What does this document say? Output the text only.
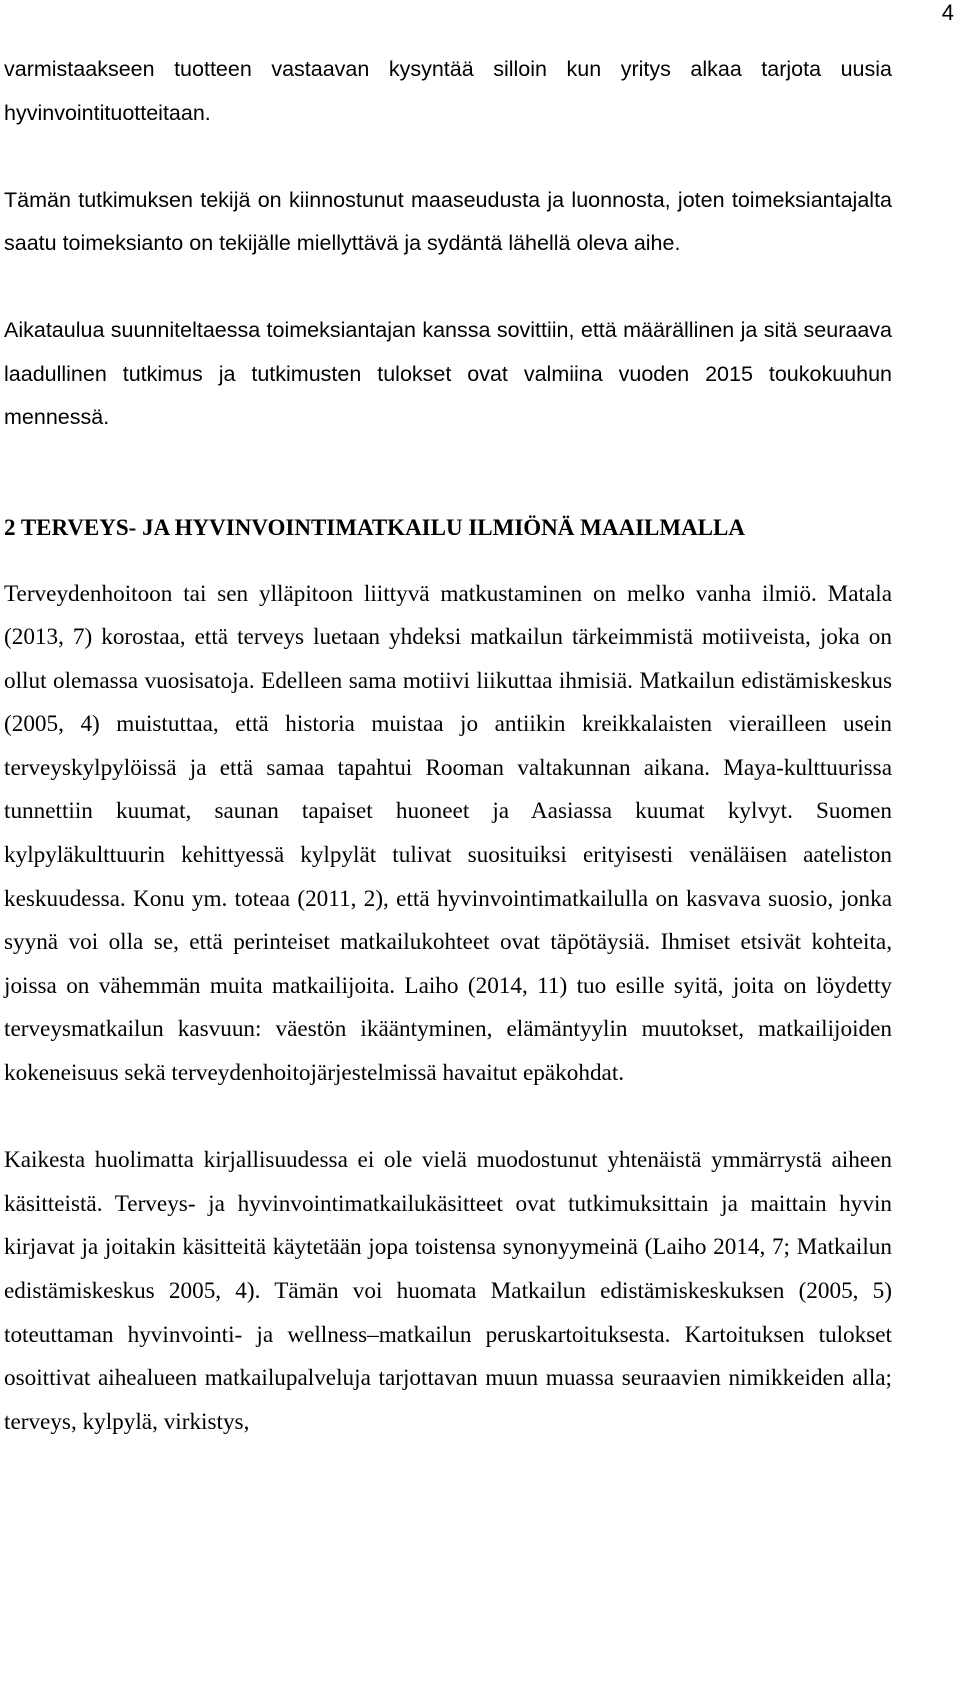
4

varmistaakseen tuotteen vastaavan kysyntää silloin kun yritys alkaa tarjota uusia hyvinvointituotteitaan.

Tämän tutkimuksen tekijä on kiinnostunut maaseudusta ja luonnosta, joten toimeksiantajalta saatu toimeksianto on tekijälle miellyttävä ja sydäntä lähellä oleva aihe.

Aikataulua suunniteltaessa toimeksiantajan kanssa sovittiin, että määrällinen ja sitä seuraava laadullinen tutkimus ja tutkimusten tulokset ovat valmiina vuoden 2015 toukokuuhun mennessä.

2 TERVEYS- JA HYVINVOINTIMATKAILU ILMIÖNÄ MAAILMALLA

Terveydenhoitoon tai sen ylläpitoon liittyvä matkustaminen on melko vanha ilmiö. Matala (2013, 7) korostaa, että terveys luetaan yhdeksi matkailun tärkeimmistä motiiveista, joka on ollut olemassa vuosisatoja. Edelleen sama motiivi liikuttaa ihmisiä. Matkailun edistämiskeskus (2005, 4) muistuttaa, että historia muistaa jo antiikin kreikkalaisten vierailleen usein terveyskylpylöissä ja että samaa tapahtui Rooman valtakunnan aikana. Maya-kulttuurissa tunnettiin kuumat, saunan tapaiset huoneet ja Aasiassa kuumat kylvyt. Suomen kylpyläkulttuurin kehittyessä kylpylät tulivat suosituiksi erityisesti venäläisen aateliston keskuudessa. Konu ym. toteaa (2011, 2), että hyvinvointimatkailulla on kasvava suosio, jonka syynä voi olla se, että perinteiset matkailukohteet ovat täpötäysiä. Ihmiset etsivät kohteita, joissa on vähemmän muita matkailijoita. Laiho (2014, 11) tuo esille syitä, joita on löydetty terveysmatkailun kasvuun: väestön ikääntyminen, elämäntyylin muutokset, matkailijoiden kokeneisuus sekä terveydenhoitojärjestelmissä havaitut epäkohdat.

Kaikesta huolimatta kirjallisuudessa ei ole vielä muodostunut yhtenäistä ymmärrystä aiheen käsitteistä. Terveys- ja hyvinvointimatkailukäsitteet ovat tutkimuksittain ja maittain hyvin kirjavat ja joitakin käsitteitä käytetään jopa toistensa synonyymeinä (Laiho 2014, 7; Matkailun edistämiskeskus 2005, 4). Tämän voi huomata Matkailun edistämiskeskuksen (2005, 5) toteuttaman hyvinvointi- ja wellness–matkailun peruskartoituksesta. Kartoituksen tulokset osoittivat aihealueen matkailupalveluja tarjottavan muun muassa seuraavien nimikkeiden alla; terveys, kylpylä, virkistys,
